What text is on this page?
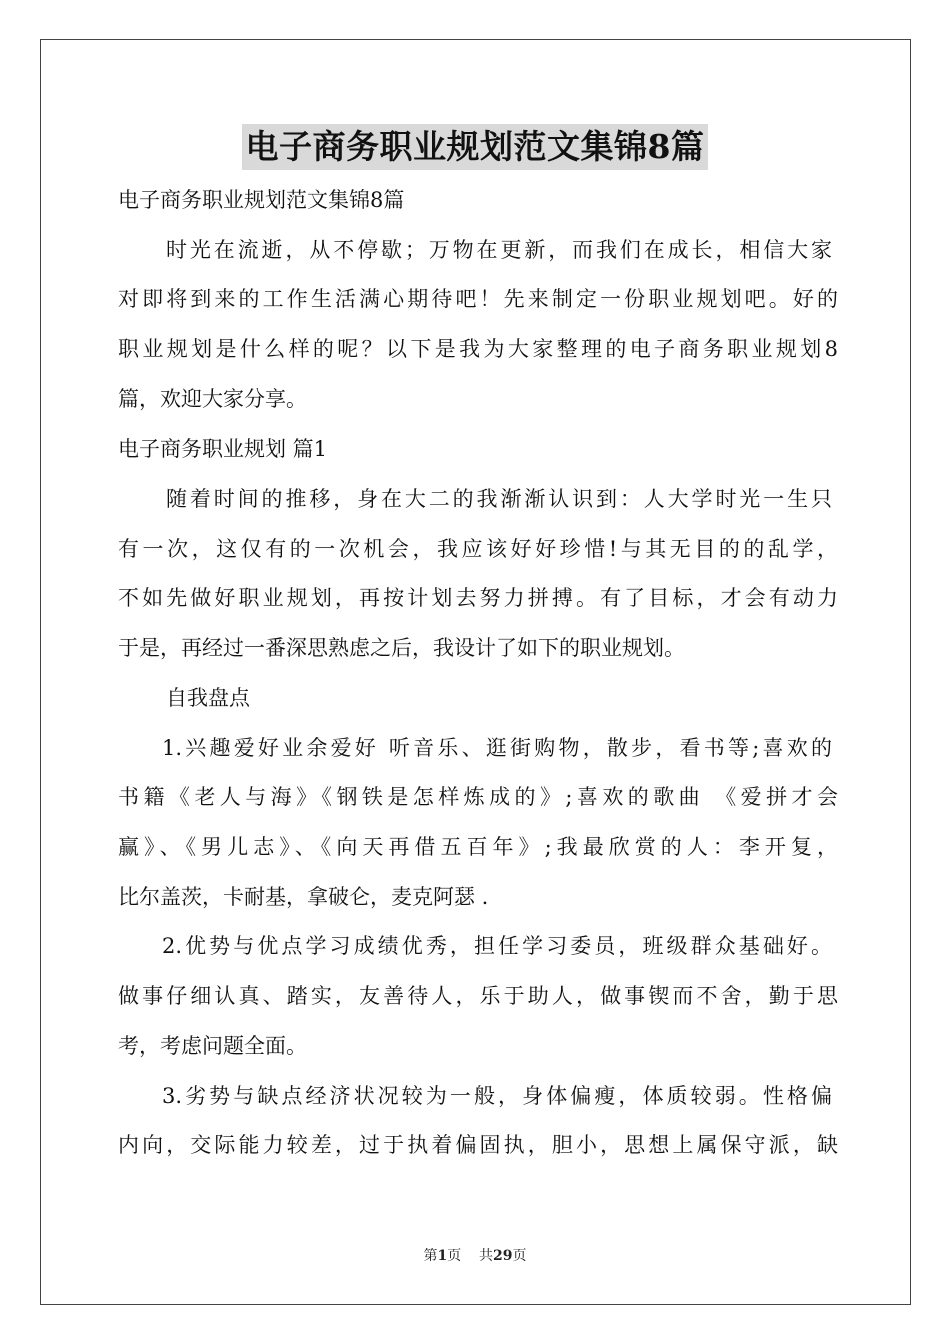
电子商务职业规划范文集锦8篇
电子商务职业规划范文集锦8篇
时光在流逝，从不停歇；万物在更新，而我们在成长，相信大家
对即将到来的工作生活满心期待吧！先来制定一份职业规划吧。好的
职业规划是什么样的呢？以下是我为大家整理的电子商务职业规划8
篇，欢迎大家分享。
电子商务职业规划 篇1
随着时间的推移，身在大二的我渐渐认识到：人大学时光一生只
有一次，这仅有的一次机会，我应该好好珍惜!与其无目的的乱学，
不如先做好职业规划，再按计划去努力拼搏。有了目标，才会有动力
于是，再经过一番深思熟虑之后，我设计了如下的职业规划。
自我盘点
1.兴趣爱好业余爱好 听音乐、逛街购物，散步，看书等;喜欢的
书籍《老人与海》《钢铁是怎样炼成的》;喜欢的歌曲 《爱拼才会
赢》、《男儿志》、《向天再借五百年》;我最欣赏的人：李开复，
比尔盖茨，卡耐基，拿破仑，麦克阿瑟 .
2.优势与优点学习成绩优秀，担任学习委员，班级群众基础好。
做事仔细认真、踏实，友善待人，乐于助人，做事锲而不舍，勤于思
考，考虑问题全面。
3.劣势与缺点经济状况较为一般，身体偏瘦，体质较弱。性格偏
内向，交际能力较差，过于执着偏固执，胆小，思想上属保守派，缺
第1页 共29页
